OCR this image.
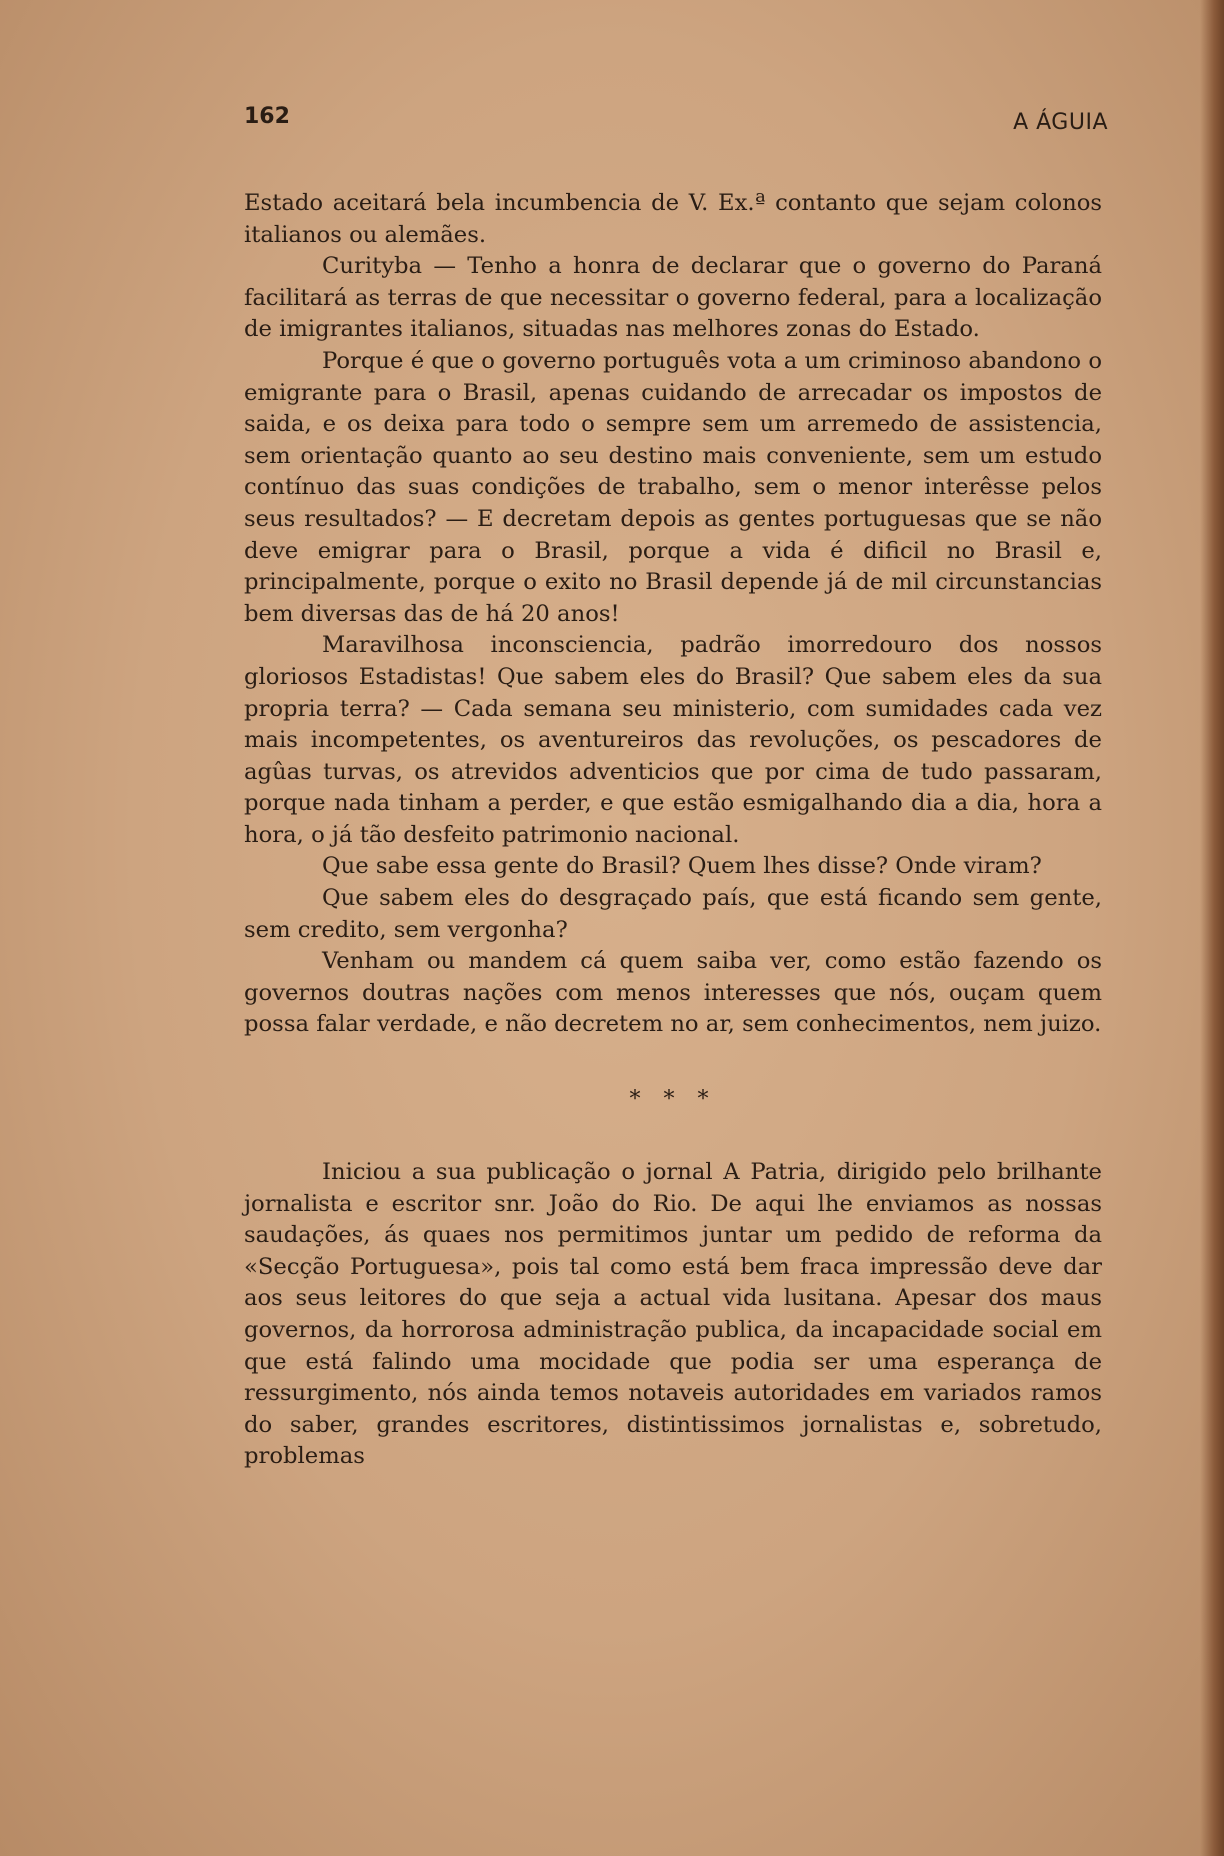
162	A ÁGUIA

Estado aceitará bela incumbencia de V. Ex.ª contanto que sejam colonos italianos ou alemães.

Curityba — Tenho a honra de declarar que o governo do Paraná facilitará as terras de que necessitar o governo federal, para a localização de imigrantes italianos, situadas nas melhores zonas do Estado.

Porque é que o governo português vota a um criminoso abandono o emigrante para o Brasil, apenas cuidando de arrecadar os impostos de saida, e os deixa para todo o sempre sem um arremedo de assistencia, sem orientação quanto ao seu destino mais conveniente, sem um estudo contínuo das suas condições de trabalho, sem o menor interêsse pelos seus resultados? — E decretam depois as gentes portuguesas que se não deve emigrar para o Brasil, porque a vida é dificil no Brasil e, principalmente, porque o exito no Brasil depende já de mil circunstancias bem diversas das de há 20 anos!

Maravilhosa inconsciencia, padrão imorredouro dos nossos gloriosos Estadistas! Que sabem eles do Brasil? Que sabem eles da sua propria terra? — Cada semana seu ministerio, com sumidades cada vez mais incompetentes, os aventureiros das revoluções, os pescadores de agûas turvas, os atrevidos adventicios que por cima de tudo passaram, porque nada tinham a perder, e que estão esmigalhando dia a dia, hora a hora, o já tão desfeito patrimonio nacional.

Que sabe essa gente do Brasil? Quem lhes disse? Onde viram?

Que sabem eles do desgraçado país, que está ficando sem gente, sem credito, sem vergonha?

Venham ou mandem cá quem saiba ver, como estão fazendo os governos doutras nações com menos interesses que nós, ouçam quem possa falar verdade, e não decretem no ar, sem conhecimentos, nem juizo.

* * *

Iniciou a sua publicação o jornal A Patria, dirigido pelo brilhante jornalista e escritor snr. João do Rio. De aqui lhe enviamos as nossas saudações, ás quaes nos permitimos juntar um pedido de reforma da «Secção Portuguesa», pois tal como está bem fraca impressão deve dar aos seus leitores do que seja a actual vida lusitana. Apesar dos maus governos, da horrorosa administração publica, da incapacidade social em que está falindo uma mocidade que podia ser uma esperança de ressurgimento, nós ainda temos notaveis autoridades em variados ramos do saber, grandes escritores, distintissimos jornalistas e, sobretudo, problemas
